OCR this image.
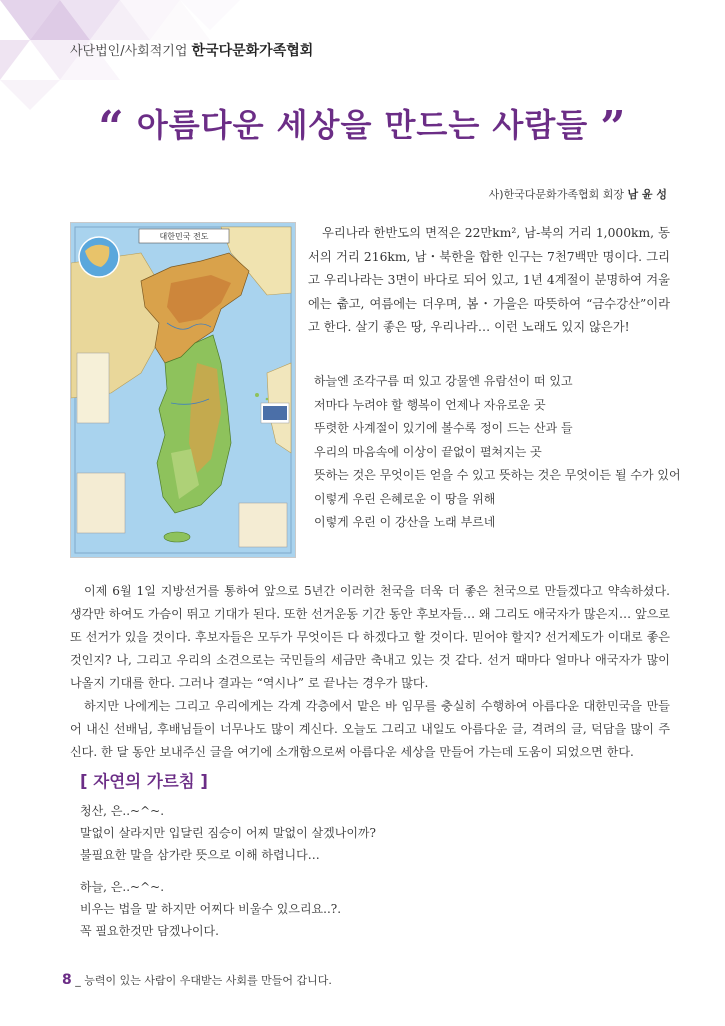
사단법인/사회적기업 한국다문화가족협회
“ 아름다운 세상을 만드는 사람들 ”
사)한국다문화가족협회 회장 남 윤 성
대한민국 전도	우리나라 한반도의 면적은 22만km², 남-북의 거리 1,000km, 동서의 거리 216km, 남・북한을 합한 인구는 7천7백만 명이다. 그리고 우리나라는 3면이 바다로 되어 있고, 1년 4계절이 분명하여 겨울에는 춥고, 여름에는 더우며, 봄・가을은 따뜻하여 “금수강산”이라고 한다. 살기 좋은 땅, 우리나라… 이런 노래도 있지 않은가!

하늘엔 조각구름 떠 있고 강물엔 유람선이 떠 있고
저마다 누려야 할 행복이 언제나 자유로운 곳
뚜렷한 사계절이 있기에 볼수록 정이 드는 산과 들
우리의 마음속에 이상이 끝없이 펼쳐지는 곳
뜻하는 것은 무엇이든 얻을 수 있고 뜻하는 것은 무엇이든 될 수가 있어
이렇게 우린 은혜로운 이 땅을 위해
이렇게 우린 이 강산을 노래 부르네

이제 6월 1일 지방선거를 통하여 앞으로 5년간 이러한 천국을 더욱 더 좋은 천국으로 만들겠다고 약속하셨다. 생각만 하여도 가슴이 뛰고 기대가 된다. 또한 선거운동 기간 동안 후보자들… 왜 그리도 애국자가 많은지… 앞으로 또 선거가 있을 것이다. 후보자들은 모두가 무엇이든 다 하겠다고 할 것이다. 믿어야 할지? 선거제도가 이대로 좋은 것인지? 나, 그리고 우리의 소견으로는 국민들의 세금만 축내고 있는 것 같다. 선거 때마다 얼마나 애국자가 많이 나올지 기대를 한다. 그러나 결과는 “역시나” 로 끝나는 경우가 많다.

하지만 나에게는 그리고 우리에게는 각계 각층에서 맡은 바 임무를 충실히 수행하여 아름다운 대한민국을 만들어 내신 선배님, 후배님들이 너무나도 많이 계신다. 오늘도 그리고 내일도 아름다운 글, 격려의 글, 덕담을 많이 주신다. 한 달 동안 보내주신 글을 여기에 소개함으로써 아름다운 세상을 만들어 가는데 도움이 되었으면 한다.

[ 자연의 가르침 ]
청산, 은..~^~.
말없이 살라지만 입달린 짐승이 어찌 말없이 살겠나이까?
불필요한 말을 삼가란 뜻으로 이해 하렵니다…
하늘, 은..~^~.
비우는 법을 말 하지만 어찌다 비울수 있으리요..?.
꼭 필요한것만 담겠나이다.
8 _ 능력이 있는 사람이 우대받는 사회를 만들어 갑니다.
